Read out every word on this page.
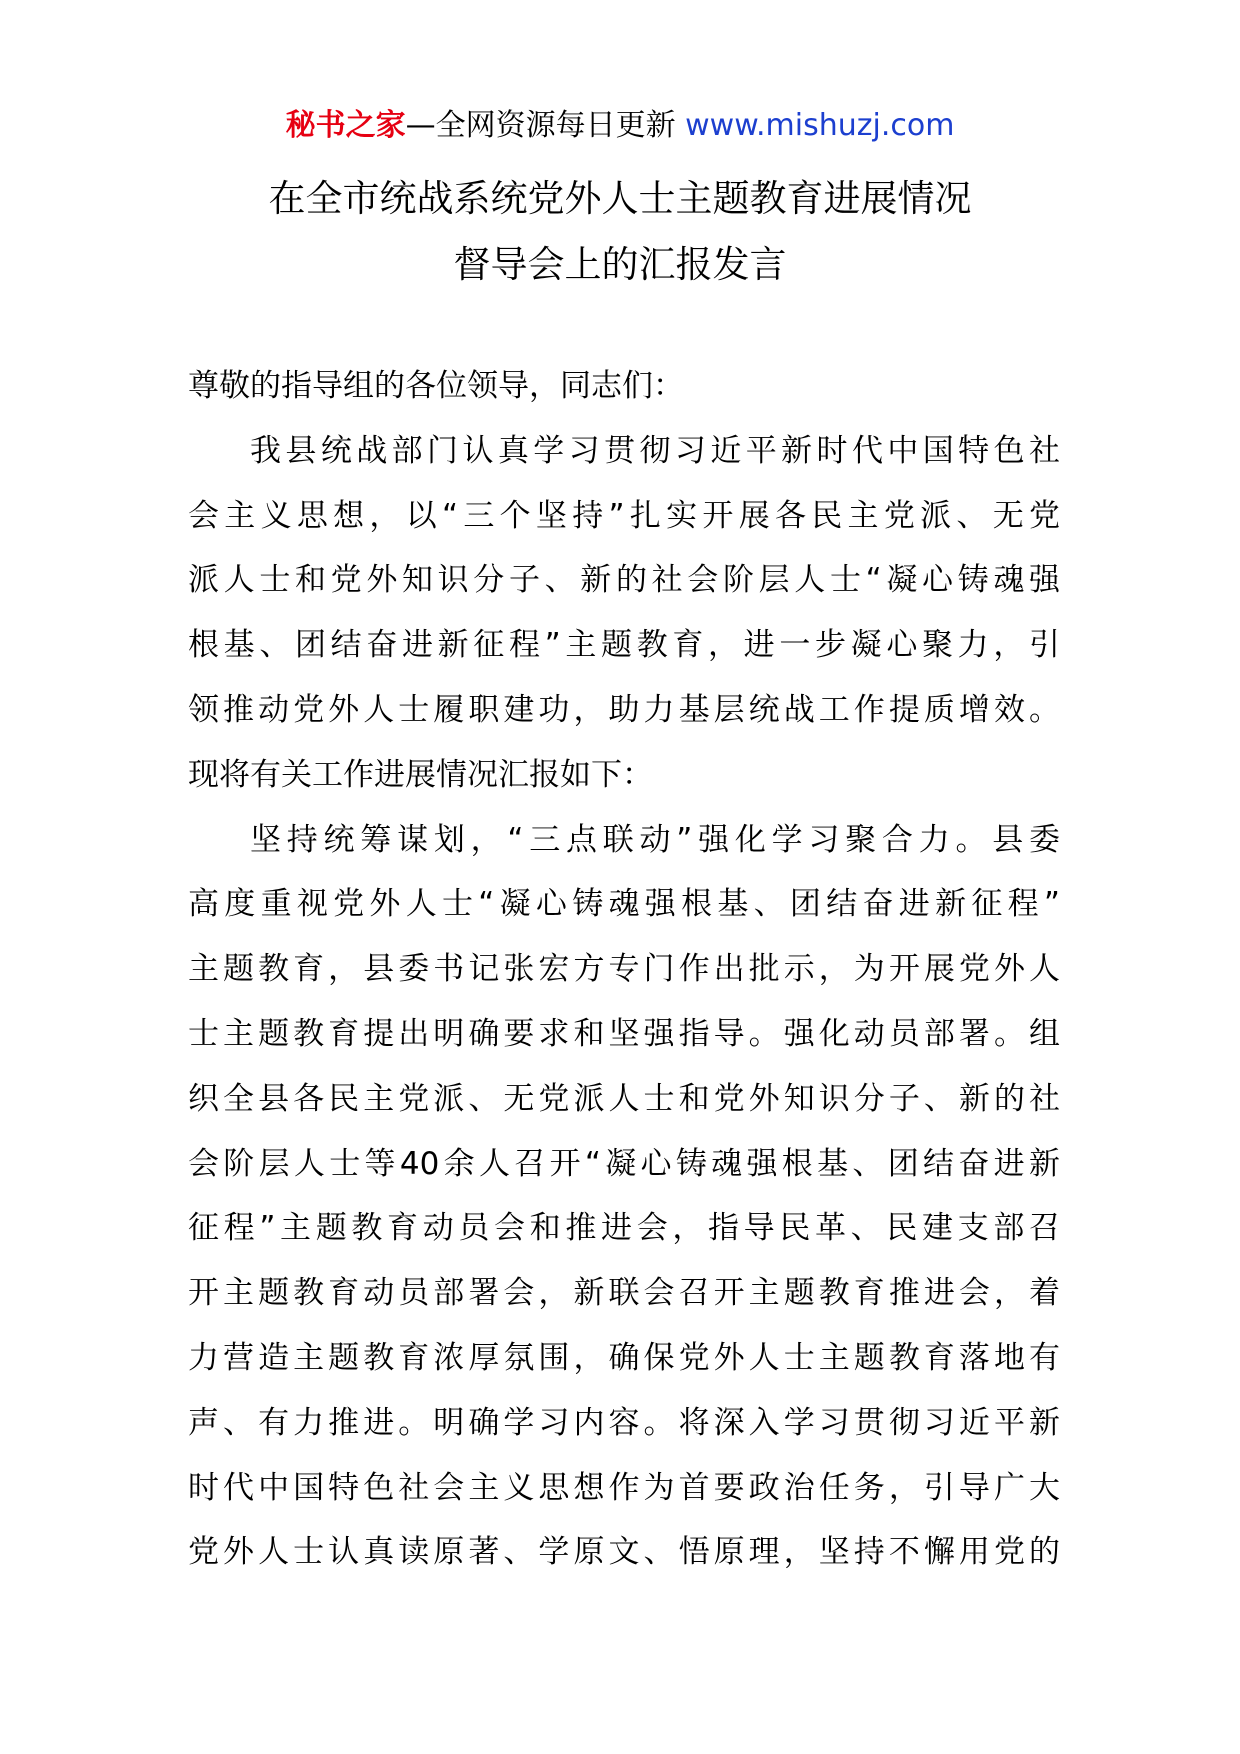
秘书之家—全网资源每日更新 www.mishuzj.com
在全市统战系统党外人士主题教育进展情况
督导会上的汇报发言
尊敬的指导组的各位领导，同志们：
我县统战部门认真学习贯彻习近平新时代中国特色社
会主义思想，以“三个坚持”扎实开展各民主党派、无党
派人士和党外知识分子、新的社会阶层人士“凝心铸魂强
根基、团结奋进新征程”主题教育，进一步凝心聚力，引
领推动党外人士履职建功，助力基层统战工作提质增效。
现将有关工作进展情况汇报如下：
坚持统筹谋划，“三点联动”强化学习聚合力。县委
高度重视党外人士“凝心铸魂强根基、团结奋进新征程”
主题教育，县委书记张宏方专门作出批示，为开展党外人
士主题教育提出明确要求和坚强指导。强化动员部署。组
织全县各民主党派、无党派人士和党外知识分子、新的社
会阶层人士等40余人召开“凝心铸魂强根基、团结奋进新
征程”主题教育动员会和推进会，指导民革、民建支部召
开主题教育动员部署会，新联会召开主题教育推进会，着
力营造主题教育浓厚氛围，确保党外人士主题教育落地有
声、有力推进。明确学习内容。将深入学习贯彻习近平新
时代中国特色社会主义思想作为首要政治任务，引导广大
党外人士认真读原著、学原文、悟原理，坚持不懈用党的
